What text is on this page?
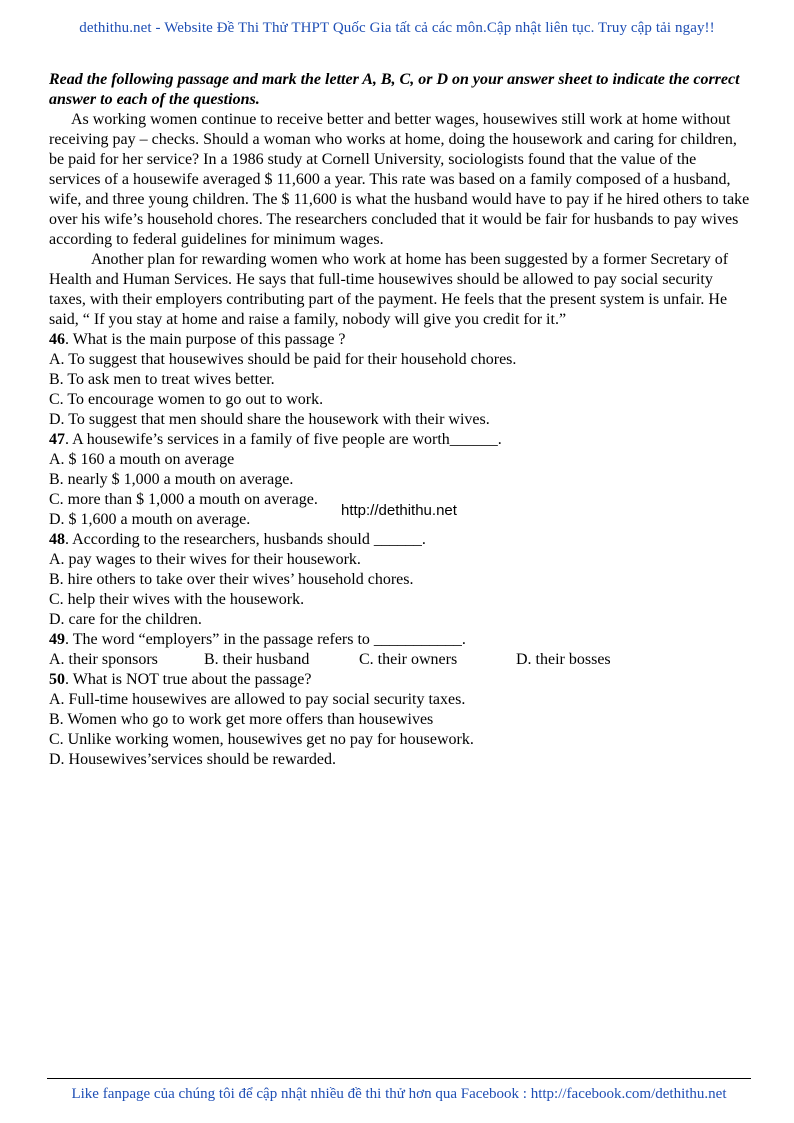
dethithu.net - Website Đề Thi Thử THPT Quốc Gia tất cả các môn.Cập nhật liên tục. Truy cập tải ngay!!

Read the following passage and mark the letter A, B, C, or D on your answer sheet to indicate the correct answer to each of the questions.

As working women continue to receive better and better wages, housewives still work at home without receiving pay – checks. Should a woman who works at home, doing the housework and caring for children, be paid for her service? In a 1986 study at Cornell University, sociologists found that the value of the services of a housewife averaged $ 11,600 a year. This rate was based on a family composed of a husband, wife, and three young children. The $ 11,600 is what the husband would have to pay if he hired others to take over his wife’s household chores. The researchers concluded that it would be fair for husbands to pay wives according to federal guidelines for minimum wages.

Another plan for rewarding women who work at home has been suggested by a former Secretary of Health and Human Services. He says that full-time housewives should be allowed to pay social security taxes, with their employers contributing part of the payment. He feels that the present system is unfair. He said, “ If you stay at home and raise a family, nobody will give you credit for it.”

46. What is the main purpose of this passage ?

A. To suggest that housewives should be paid for their household chores.

B. To ask men to treat wives better.

C. To encourage women to go out to work.

D. To suggest that men should share the housework with their wives.

47. A housewife’s services in a family of five people are worth______.

A. $ 160 a mouth on average

B. nearly $ 1,000 a mouth on average.

C. more than $ 1,000 a mouth on average.

D. $ 1,600 a mouth on average.

48. According to the researchers, husbands should ______.

A. pay wages to their wives for their housework.

B. hire others to take over their wives’ household chores.

C. help their wives with the housework.

D. care for the children.

49. The word “employers” in the passage refers to ___________.

A. their sponsors	B. their husband	C. their owners	D. their bosses

50. What is NOT true about the passage?

A. Full-time housewives are allowed to pay social security taxes.

B. Women who go to work get more offers than housewives

C. Unlike working women, housewives get no pay for housework.

D. Housewives’services should be rewarded.

http://dethithu.net
Like fanpage của chúng tôi để cập nhật nhiều đề thi thử hơn qua Facebook : http://facebook.com/dethithu.net
